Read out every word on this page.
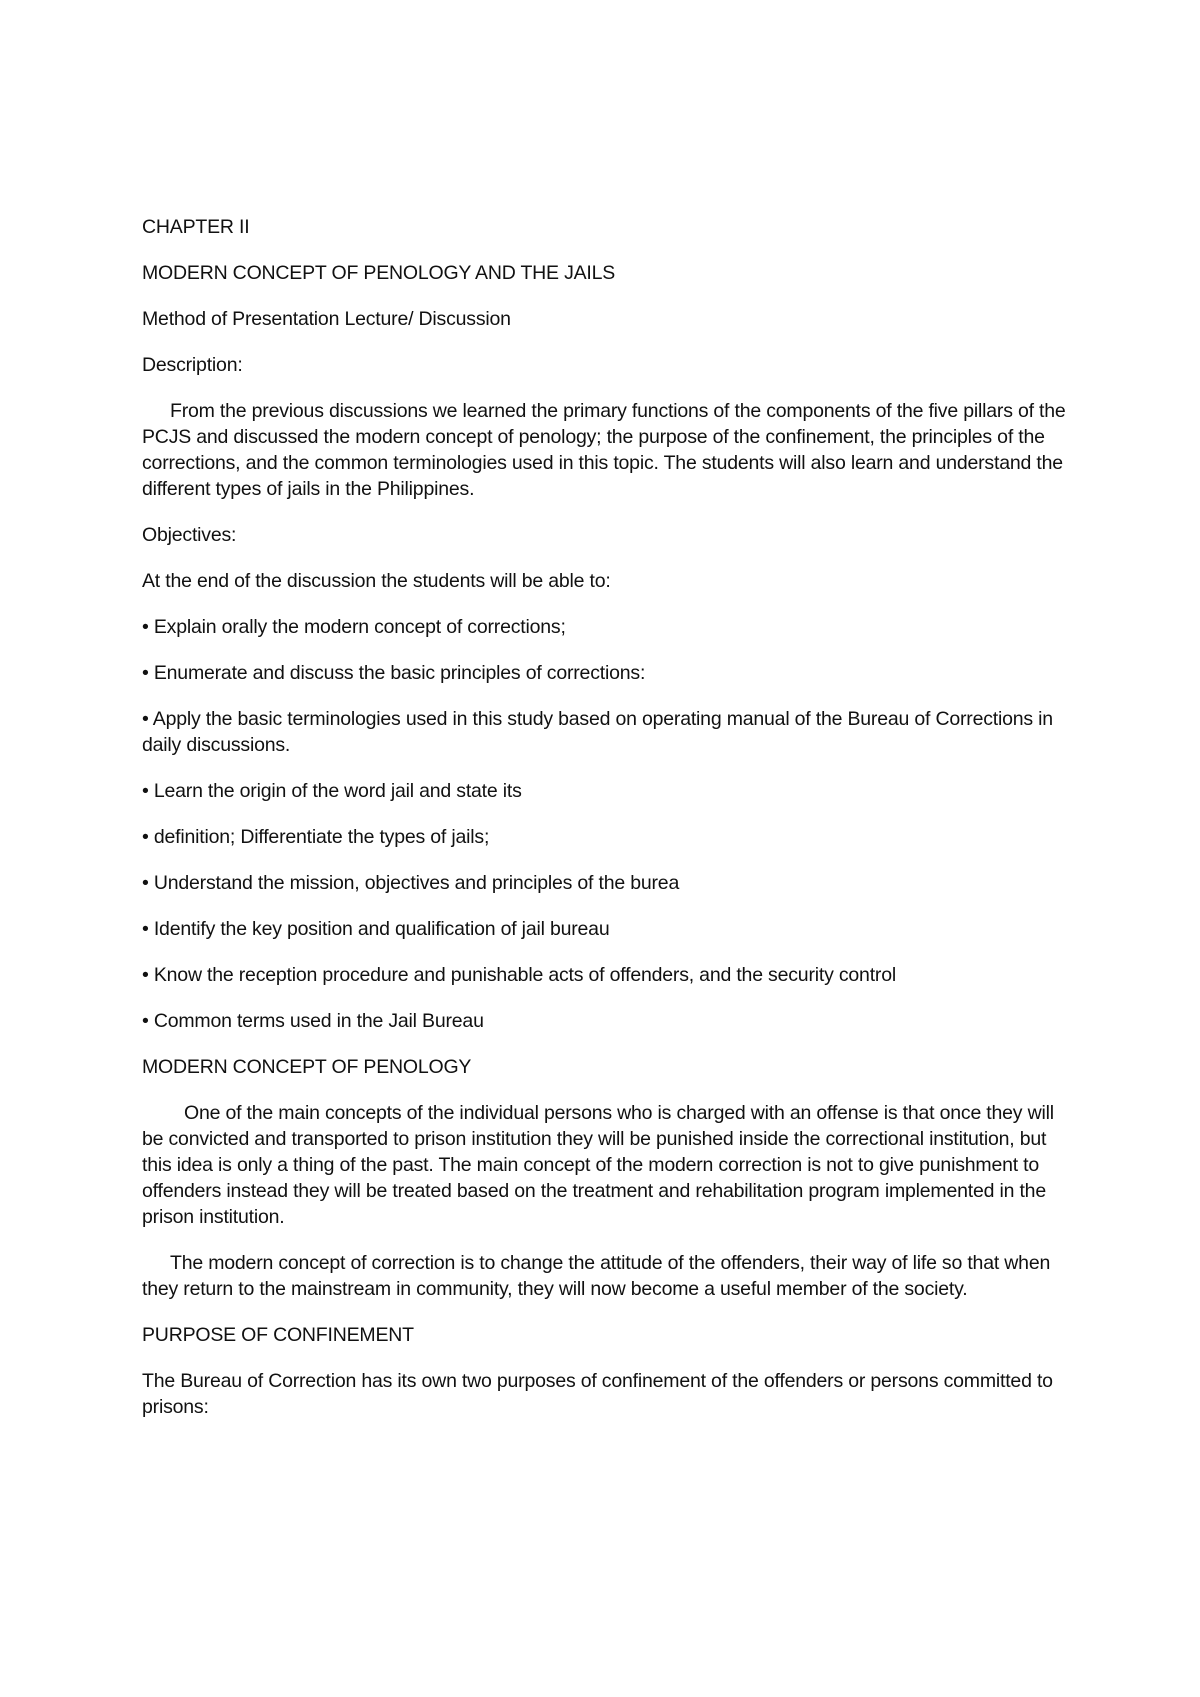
CHAPTER II

MODERN CONCEPT OF PENOLOGY AND THE JAILS

Method of Presentation Lecture/ Discussion

Description:

From the previous discussions we learned the primary functions of the components of the five pillars of the PCJS and discussed the modern concept of penology; the purpose of the confinement, the principles of the corrections, and the common terminologies used in this topic. The students will also learn and understand the different types of jails in the Philippines.

Objectives:

At the end of the discussion the students will be able to:

• Explain orally the modern concept of corrections;
• Enumerate and discuss the basic principles of corrections:
• Apply the basic terminologies used in this study based on operating manual of the Bureau of Corrections in daily discussions.
• Learn the origin of the word jail and state its
• definition; Differentiate the types of jails;
• Understand the mission, objectives and principles of the burea
• Identify the key position and qualification of jail bureau
• Know the reception procedure and punishable acts of offenders, and the security control
• Common terms used in the Jail Bureau

MODERN CONCEPT OF PENOLOGY

One of the main concepts of the individual persons who is charged with an offense is that once they will be convicted and transported to prison institution they will be punished inside the correctional institution, but this idea is only a thing of the past. The main concept of the modern correction is not to give punishment to offenders instead they will be treated based on the treatment and rehabilitation program implemented in the prison institution.

The modern concept of correction is to change the attitude of the offenders, their way of life so that when they return to the mainstream in community, they will now become a useful member of the society.

PURPOSE OF CONFINEMENT

The Bureau of Correction has its own two purposes of confinement of the offenders or persons committed to prisons:
